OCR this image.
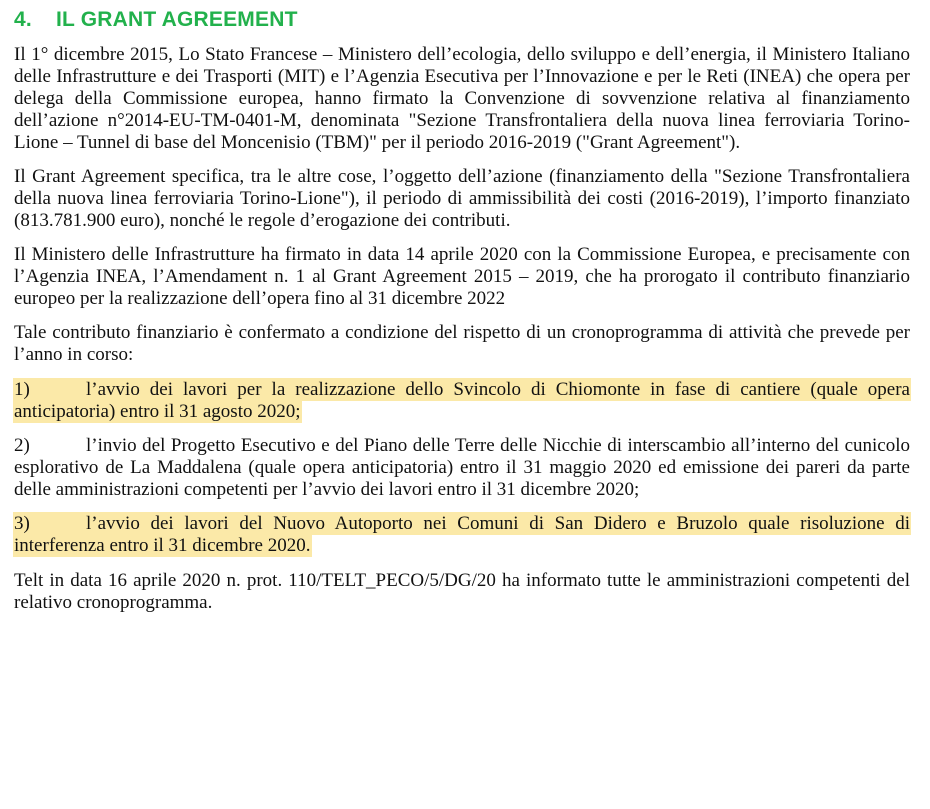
4. IL GRANT AGREEMENT

Il 1° dicembre 2015, Lo Stato Francese – Ministero dell’ecologia, dello sviluppo e dell’energia, il Ministero Italiano delle Infrastrutture e dei Trasporti (MIT) e l’Agenzia Esecutiva per l’Innovazione e per le Reti (INEA) che opera per delega della Commissione europea, hanno firmato la Convenzione di sovvenzione relativa al finanziamento dell’azione n°2014-EU-TM-0401-M, denominata "Sezione Transfrontaliera della nuova linea ferroviaria Torino-Lione – Tunnel di base del Moncenisio (TBM)" per il periodo 2016-2019 ("Grant Agreement").

Il Grant Agreement specifica, tra le altre cose, l’oggetto dell’azione (finanziamento della "Sezione Transfrontaliera della nuova linea ferroviaria Torino-Lione"), il periodo di ammissibilità dei costi (2016-2019), l’importo finanziato (813.781.900 euro), nonché le regole d’erogazione dei contributi.

Il Ministero delle Infrastrutture ha firmato in data 14 aprile 2020 con la Commissione Europea, e precisamente con l’Agenzia INEA, l’Amendament n. 1 al Grant Agreement 2015 – 2019, che ha prorogato il contributo finanziario europeo per la realizzazione dell’opera fino al 31 dicembre 2022

Tale contributo finanziario è confermato a condizione del rispetto di un cronoprogramma di attività che prevede per l’anno in corso:

1)	l’avvio dei lavori per la realizzazione dello Svincolo di Chiomonte in fase di cantiere (quale opera anticipatoria) entro il 31 agosto 2020;

2)	l’invio del Progetto Esecutivo e del Piano delle Terre delle Nicchie di interscambio all’interno del cunicolo esplorativo de La Maddalena (quale opera anticipatoria) entro il 31 maggio 2020 ed emissione dei pareri da parte delle amministrazioni competenti per l’avvio dei lavori entro il 31 dicembre 2020;

3)	l’avvio dei lavori del Nuovo Autoporto nei Comuni di San Didero e Bruzolo quale risoluzione di interferenza entro il 31 dicembre 2020.

Telt in data 16 aprile 2020 n. prot. 110/TELT_PECO/5/DG/20 ha informato tutte le amministrazioni competenti del relativo cronoprogramma.
